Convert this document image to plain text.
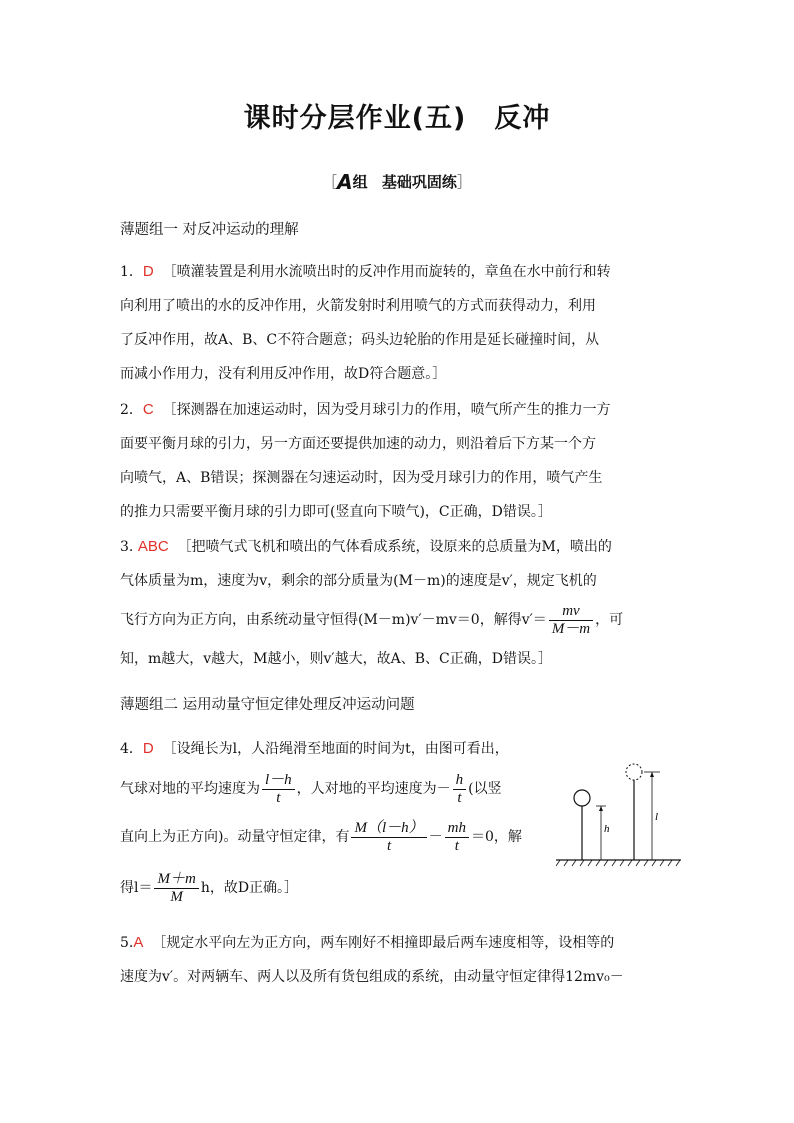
课时分层作业(五) 反冲
［A组 基础巩固练］
薄题组一 对反冲运动的理解
1．D ［喷灌装置是利用水流喷出时的反冲作用而旋转的，章鱼在水中前行和转
向利用了喷出的水的反冲作用，火箭发射时利用喷气的方式而获得动力，利用
了反冲作用，故A、B、C不符合题意；码头边轮胎的作用是延长碰撞时间，从
而减小作用力，没有利用反冲作用，故D符合题意。］
2．C ［探测器在加速运动时，因为受月球引力的作用，喷气所产生的推力一方
面要平衡月球的引力，另一方面还要提供加速的动力，则沿着后下方某一个方
向喷气，A、B错误；探测器在匀速运动时，因为受月球引力的作用，喷气产生
的推力只需要平衡月球的引力即可(竖直向下喷气)，C正确，D错误。］
3. ABC ［把喷气式飞机和喷出的气体看成系统，设原来的总质量为M，喷出的
气体质量为m，速度为v，剩余的部分质量为(M－m)的速度是v′，规定飞机的
飞行方向为正方向，由系统动量守恒得(M－m)v′－mv＝0，解得$v'= \frac{mv}{M-m}$ ，可
知，m越大，v越大，M越小，则v′越大，故A、B、C正确，D错误。］
薄题组二 运用动量守恒定律处理反冲运动问题
4．D ［设绳长为l，人沿绳滑至地面的时间为t，由图可看出，
气球对地的平均速度为 $\frac{l-h}{t}$ ，人对地的平均速度为－ $\frac{h}{t}$ (以竖
直向上为正方向)。动量守恒定律，有 $\frac{M(l-h)}{t} - \frac{mh}{t} =0$，解
得$l= \frac{M+m}{M}$ h，故D正确。］
h
l
5.A ［规定水平向左为正方向，两车刚好不相撞即最后两车速度相等，设相等的
速度为v′。对两辆车、两人以及所有货包组成的系统，由动量守恒定律得12mv₀－
